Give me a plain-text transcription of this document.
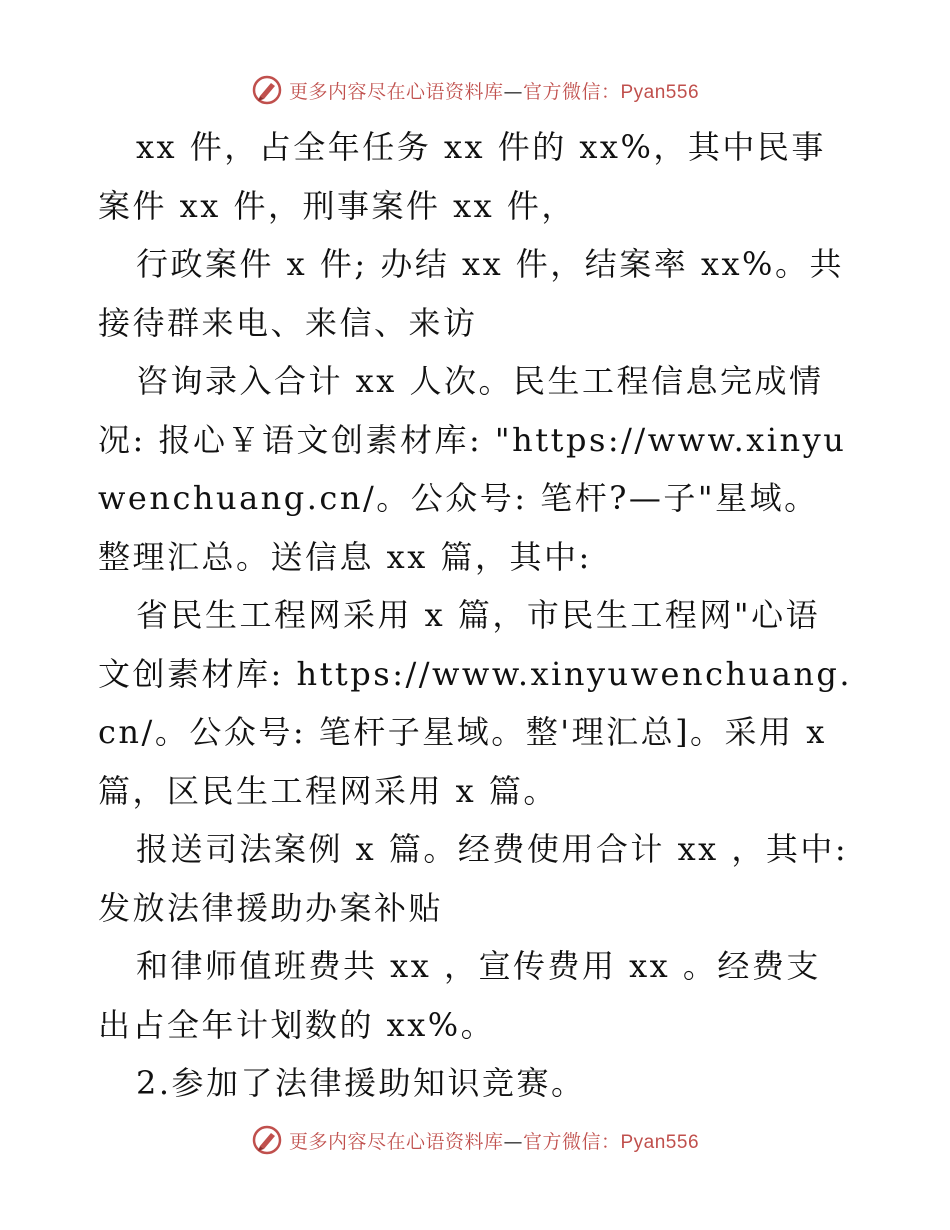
更多内容尽在心语资料库—官方微信：Pyan556

xx 件，占全年任务 xx 件的 xx%，其中民事案件 xx 件，刑事案件 xx 件，

行政案件 x 件; 办结 xx 件，结案率 xx%。共接待群来电、来信、来访

咨询录入合计 xx 人次。民生工程信息完成情况: 报心￥语文创素材库: "https://www.xinyuwenchuang.cn/。公众号: 笔杆?—子"星域。整理汇总。送信息 xx 篇，其中:

省民生工程网采用 x 篇，市民生工程网"心语文创素材库: https://www.xinyuwenchuang.cn/。公众号: 笔杆子星域。整'理汇总]。采用 x 篇，区民生工程网采用 x 篇。

报送司法案例 x 篇。经费使用合计 xx ，其中: 发放法律援助办案补贴

和律师值班费共 xx ，宣传费用 xx 。经费支出占全年计划数的 xx%。

2.参加了法律援助知识竞赛。

更多内容尽在心语资料库—官方微信：Pyan556
